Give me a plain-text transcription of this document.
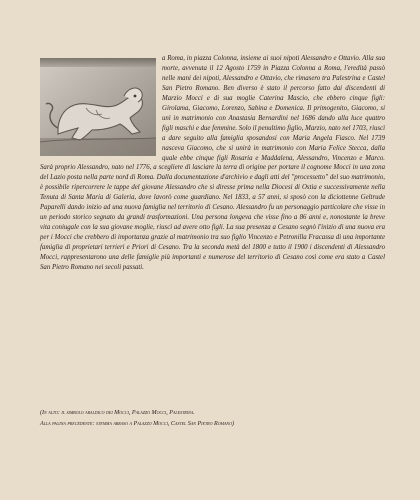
a Roma, in piazza Colonna, insieme ai suoi nipoti Alessandro e Ottavio. Alla sua morte, avvenuta il 12 Agosto 1759 in Piazza Colonna a Roma, l'eredità passò nelle mani dei nipoti, Alessandro e Ottavio, che rimasero tra Palestrina e Castel San Pietro Romano. Ben diverso è stato il percorso fatto dai discendenti di Marzio Mocci e di sua moglie Caterina Mascio, che ebbero cinque figli: Girolama, Giacomo, Lorenzo, Sabina e Domenica. Il primogenito, Giacomo, si unì in matrimonio con Anastasia Bernardini nel 1686 dando alla luce quattro figli maschi e due femmine. Solo il penultimo figlio, Marzio, nato nel 1703, riuscì a dare seguito alla famiglia sposandosi con Maria Angela Fiasco. Nel 1739 nasceva Giacomo, che si unirà in matrimonio con Maria Felice Stecca, dalla quale ebbe cinque figli Rosaria e Maddalena, Alessandro, Vincenzo e Marco. Sarà proprio Alessandro, nato nel 1776, a scegliere di lasciare la terra di origine per portare il cognome Mocci in una zona del Lazio posta nella parte nord di Roma. Dalla documentazione d'archivio e dagli atti del "processetto" del suo matrimonio, è possibile ripercorrere le tappe del giovane Alessandro che si diresse prima nella Diocesi di Ostia e successivamente nella Tenuta di Santa Maria di Galeria, dove lavorò come guardiano. Nel 1833, a 57 anni, si sposò con la diciottenne Geltrude Paparelli dando inizio ad una nuova famiglia nel territorio di Cesano. Alessandro fu un personaggio particolare che visse in un periodo storico segnato da grandi trasformazioni. Una persona longeva che visse fino a 86 anni e, nonostante la breve vita coniugale con la sua giovane moglie, riuscì ad avere otto figli. La sua presenza a Cesano segnò l'inizio di una nuova era per i Mocci che crebbero di importanza grazie al matrimonio tra suo figlio Vincenzo e Petronilla Fracassa di una importante famiglia di proprietari terrieri e Priori di Cesano. Tra la seconda metà del 1800 e tutto il 1900 i discendenti di Alessandro Mocci, rappresentarono una delle famiglie più importanti e numerose del territorio di Cesano così come era stato a Castel San Pietro Romano nei secoli passati.

(In alto: il simbolo araldico dei Mocci, Palazzo Mocci, Palestrina.

Alla pagina precedente: stemma abraso a Palazzo Mocci, Castel San Pietro Romano)
